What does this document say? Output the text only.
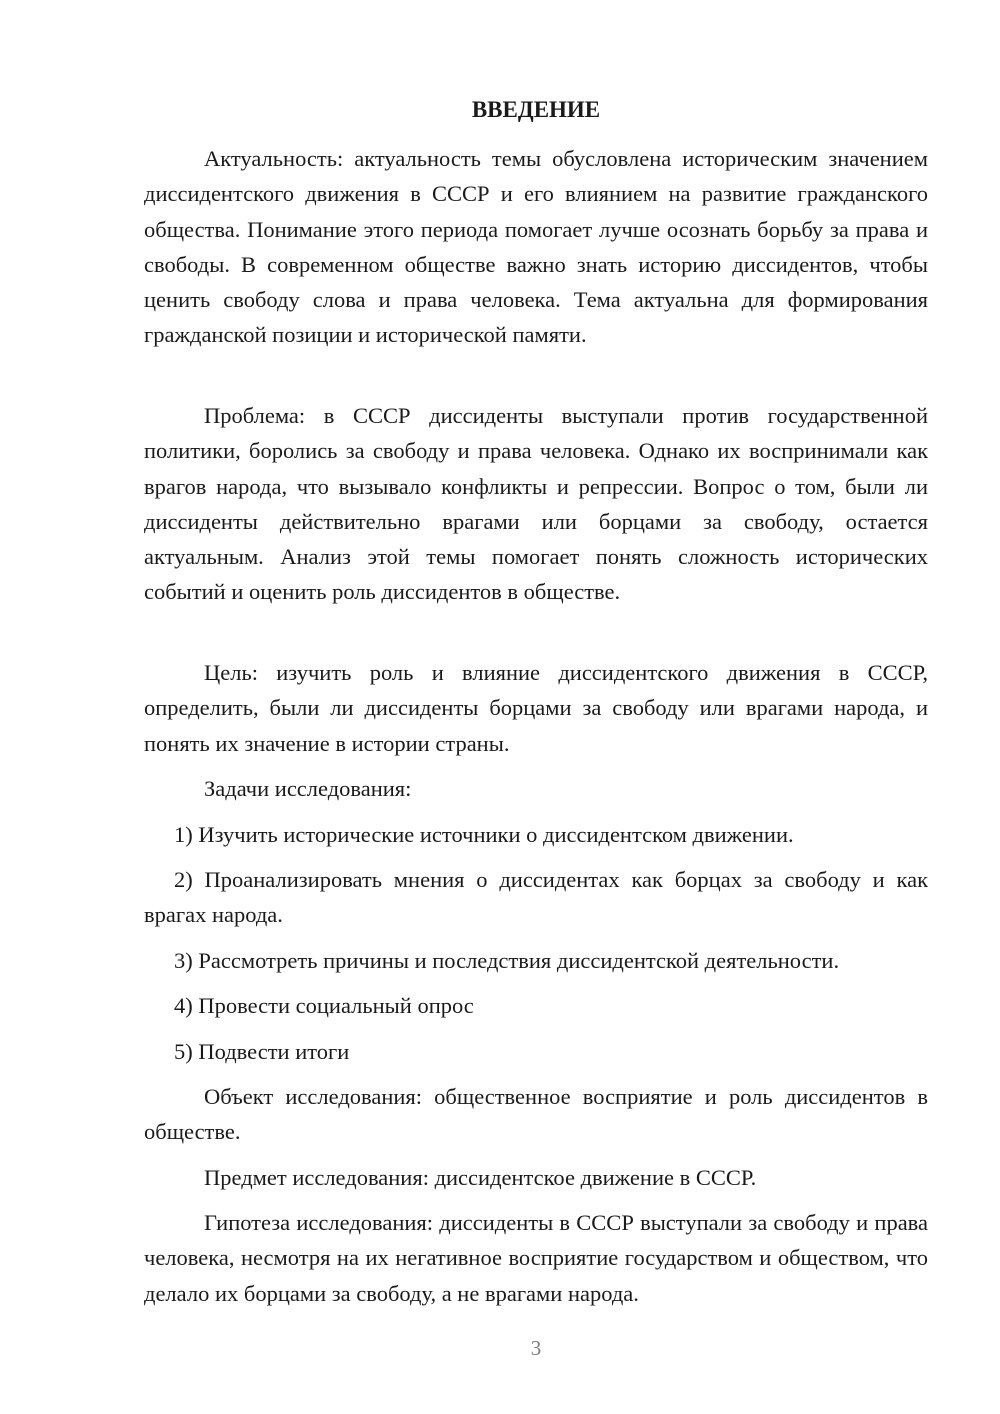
ВВЕДЕНИЕ

Актуальность: актуальность темы обусловлена историческим значением диссидентского движения в СССР и его влиянием на развитие гражданского общества. Понимание этого периода помогает лучше осознать борьбу за права и свободы. В современном обществе важно знать историю диссидентов, чтобы ценить свободу слова и права человека. Тема актуальна для формирования гражданской позиции и исторической памяти.

Проблема: в СССР диссиденты выступали против государственной политики, боролись за свободу и права человека. Однако их воспринимали как врагов народа, что вызывало конфликты и репрессии. Вопрос о том, были ли диссиденты действительно врагами или борцами за свободу, остается актуальным. Анализ этой темы помогает понять сложность исторических событий и оценить роль диссидентов в обществе.

Цель: изучить роль и влияние диссидентского движения в СССР, определить, были ли диссиденты борцами за свободу или врагами народа, и понять их значение в истории страны.

Задачи исследования:

1) Изучить исторические источники о диссидентском движении.

2) Проанализировать мнения о диссидентах как борцах за свободу и как врагах народа.

3) Рассмотреть причины и последствия диссидентской деятельности.

4) Провести социальный опрос

5) Подвести итоги

Объект исследования: общественное восприятие и роль диссидентов в обществе.

Предмет исследования: диссидентское движение в СССР.

Гипотеза исследования: диссиденты в СССР выступали за свободу и права человека, несмотря на их негативное восприятие государством и обществом, что делало их борцами за свободу, а не врагами народа.

3
